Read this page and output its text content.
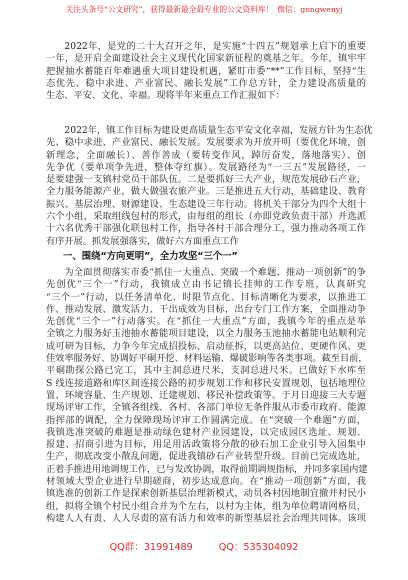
关注头条号“公文研究”，获得最新最全最专业的公文资料库！ 微信：gongwenyj
2022年，是党的二十大召开之年，是实施“十四五”规划承上启下的重要
一年，是开启全面建设社会主义现代化国家新征程的奠基之年。今年，镇牢牢
把握抽水蓄能百年难遇重大项目建设机遇，紧盯市委“**”工作目标，坚持“生
态优先、稳中求进、产业富民、融长发展”工作总方针，全力建设高质量的
生态、平安、文化、幸福。现将半年来重点工作汇报如下：
2022年，镇工作目标为建设更高质量生态平安文化幸福，发展方针为生态优
先、稳中求进、产业富民、融长发展。发展要求为开放开明（要优化环境，创
新理念，全面融长）、善作善成（要转变作风，踔厉奋发，落地落实）、创
先争优（要单项争先进，整体夺红旗）。发展路径为“一三五”发展路径，一
是要建强一支镇村党员干部队伍。二是要抓好三大产业，规范发展砂石产业，
全力服务能源产业，做大做强农旅产业。三是推进五大行动，基础建设、教育
振兴、基层治理、财源建设、生态建设三年行动。将机关干部分为四个大组十
六个小组，采取组线包村的形式，由每组的组长（亦即党政负责干部）并选派
十六名优秀干部强化联包村工作，指导各村干部合理分工，强力推动各项工作
有序开展。抓发展强落实，做好六方面重点工作
一、围绕“方向更明”，全力攻坚“三个一”
为全面贯彻落实市委“抓住一大重点、突破一个难题、推动一项创新”的争
先创优“三个一”行动，我镇成立由书记镇长挂帅的工作专班，认真研究
“三个一”行动，以任务清单化、时限节点化、目标清晰化为要求，以推进工
作、推动发展、激发活力、干出成效为目标，出台专门工作方案，全面推动争
先创优“三个一”行动落实。在“抓住一大重点”方面，我镇今年的重点是举
全镇之力服务好玉池抽水蓄能项目建设，以全力服务玉池抽水蓄能电站顺利完
成可研为目标，力争今年完成招投标、启动征拆，以更高站位、更硬作风、更
佳效率服务好、协调好平硐开挖、材料运输、爆破影响等各类事项。截至目前，
平硐勘探公路已完工，其中主洞总进尺米，支洞总进尺米。已做好下水库至
S 线连接道路和库区间连接公路的初步规划工作和移民安置规划，包括地理位
置、环境容量、生产规划、迁建规划、移民补偿政策等。于月日迎接三大专题
现场评审工作，全镇各组线、各村、各部门单位无条件服从市委市政府、能源
指挥部的调配，全力保障现场评审工作圆满完成。在“突破一个难题”方面，
我镇选准突破的难题是推动绿色建材产业园建设，以完成园区选址、规划、
报建、招商引进为目标，用足用活政策将分散的砂石加工企业引导入园集中
生产，彻底改变小散乱问题，促进我镇砂石产业转型升级。目前已完成选址，
正着手推进用地调规工作，已与发改协调，取得前期调规指标，并同多家国内建
材领域大型企业进行早期磋商，初步达成意向。在“推动一项创新”方面，我
镇选准的创新工作是探索创新基层治理新模式，动员各村因地制宜撤并村民小
组，拟将全镇个村民小组合并为个左右，以村为主体，组为单位聘请网格员，
构建人人有责、人人尽责的富有活力和效率的新型基层社会治理共同体。该项
QQ群：31991489	QQ：535304092
